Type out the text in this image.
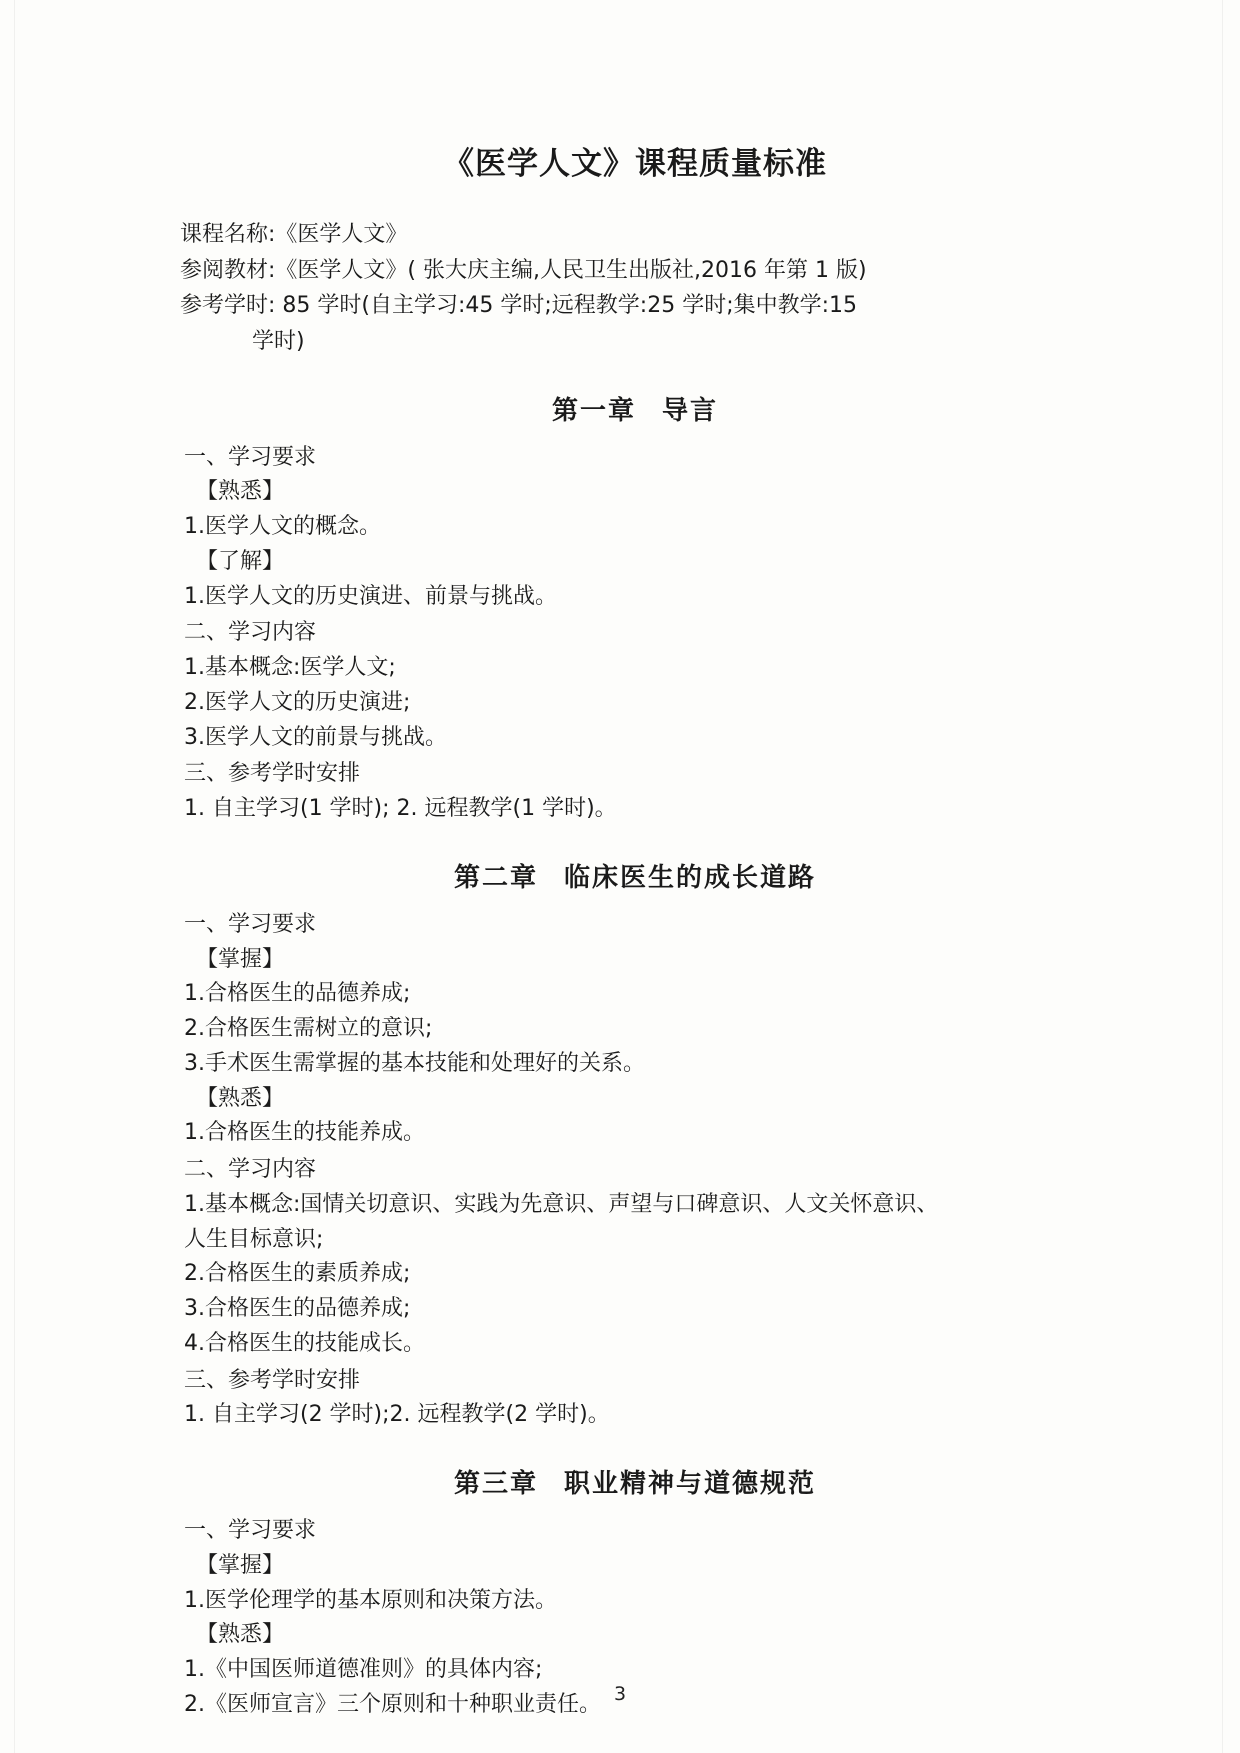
《医学人文》课程质量标准
课程名称:《医学人文》
参阅教材:《医学人文》( 张大庆主编,人民卫生出版社,2016 年第 1 版)
参考学时: 85 学时(自主学习:45 学时;远程教学:25 学时;集中教学:15
学时)
第一章 导言
一、学习要求
【熟悉】
1.医学人文的概念。
【了解】
1.医学人文的历史演进、前景与挑战。
二、学习内容
1.基本概念:医学人文;
2.医学人文的历史演进;
3.医学人文的前景与挑战。
三、参考学时安排
1. 自主学习(1 学时); 2. 远程教学(1 学时)。
第二章 临床医生的成长道路
一、学习要求
【掌握】
1.合格医生的品德养成;
2.合格医生需树立的意识;
3.手术医生需掌握的基本技能和处理好的关系。
【熟悉】
1.合格医生的技能养成。
二、学习内容
1.基本概念:国情关切意识、实践为先意识、声望与口碑意识、人文关怀意识、
人生目标意识;
2.合格医生的素质养成;
3.合格医生的品德养成;
4.合格医生的技能成长。
三、参考学时安排
1. 自主学习(2 学时);2. 远程教学(2 学时)。
第三章 职业精神与道德规范
一、学习要求
【掌握】
1.医学伦理学的基本原则和决策方法。
【熟悉】
1.《中国医师道德准则》的具体内容;
2.《医师宣言》三个原则和十种职业责任。 3
